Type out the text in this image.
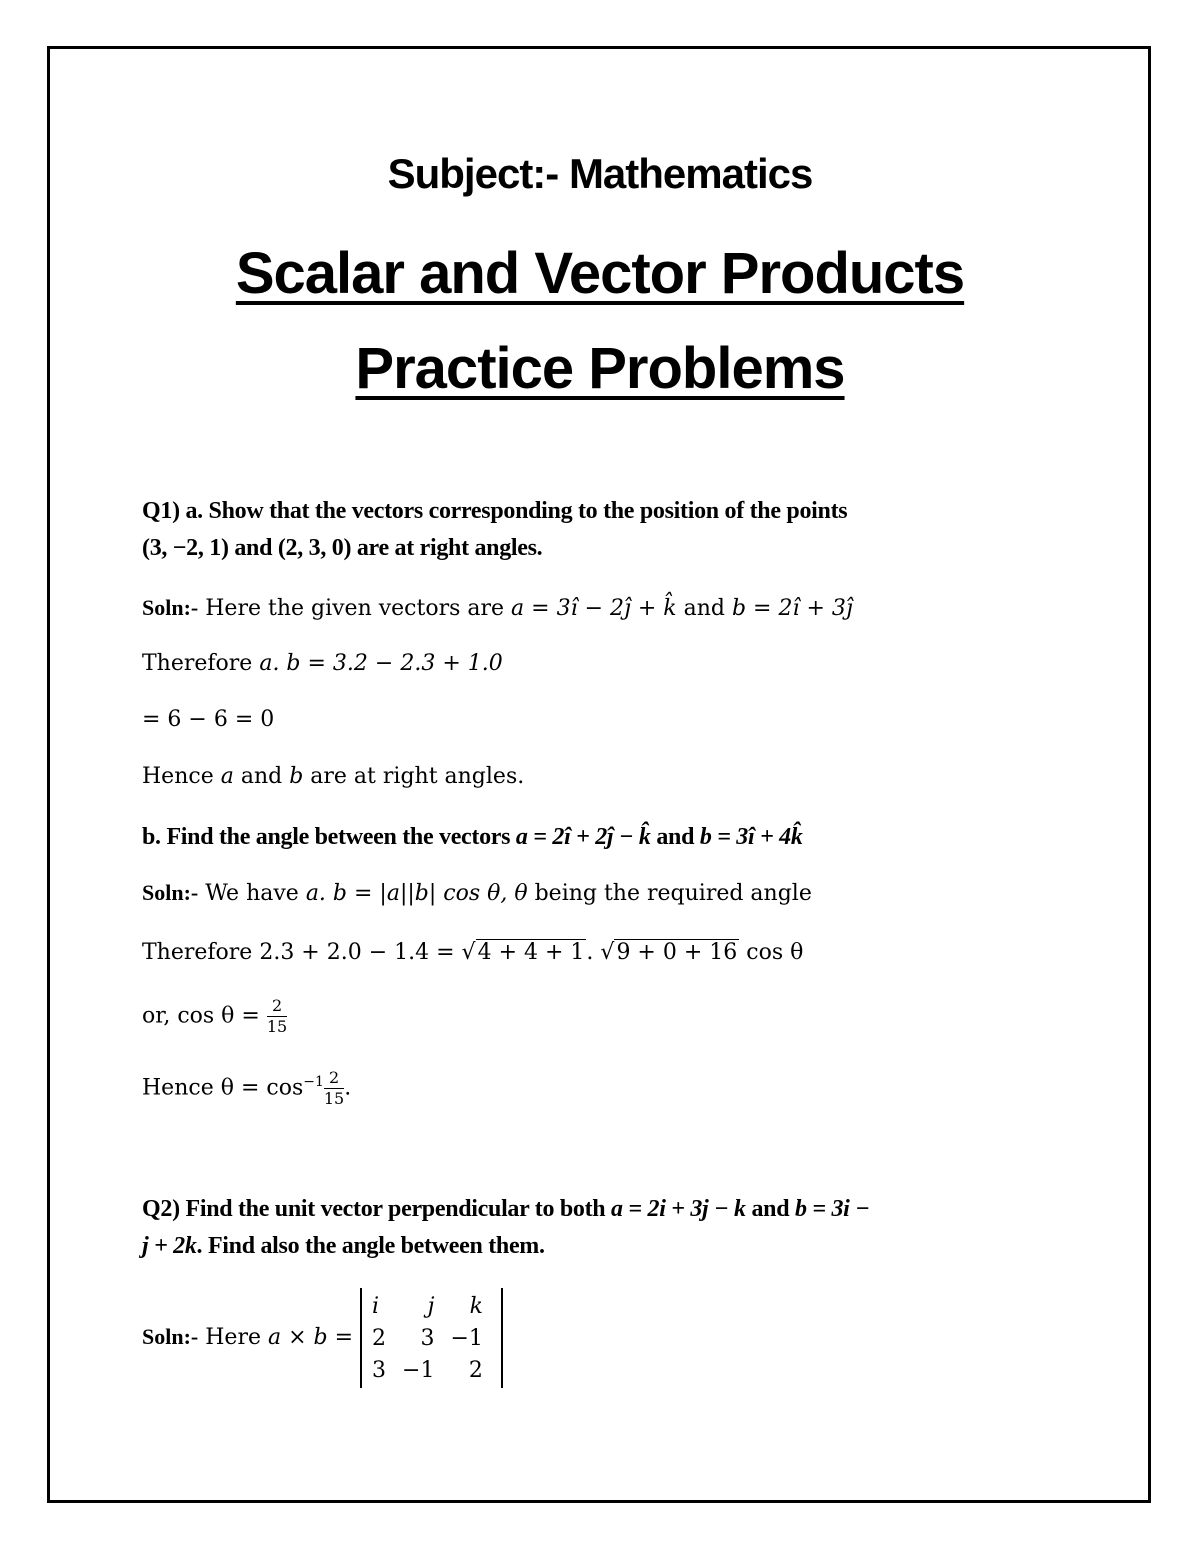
Subject:- Mathematics
Scalar and Vector Products
Practice Problems
Q1) a. Show that the vectors corresponding to the position of the points
(3, −2, 1) and (2, 3, 0) are at right angles.
Soln:- Here the given vectors are a = 3î − 2ĵ + k̂ and b = 2î + 3ĵ
Therefore a. b = 3.2 − 2.3 + 1.0
= 6 − 6 = 0
Hence a and b are at right angles.
b. Find the angle between the vectors a = 2î + 2ĵ − k̂ and b = 3î + 4k̂
Soln:- We have a. b = |a||b| cos θ, θ being the required angle
Therefore 2.3 + 2.0 − 1.4 = √4 + 4 + 1. √9 + 0 + 16 cos θ
or, $\cos \theta = \frac{2}{15}$
Hence $\theta = \cos^{-1} \frac{2}{15}$ .
Q2) Find the unit vector perpendicular to both a = 2i + 3j − k and b = 3i −
j + 2k. Find also the angle between them.
Soln:- Here a × b =
i	j	k
2	3	−1
3	−1	2
